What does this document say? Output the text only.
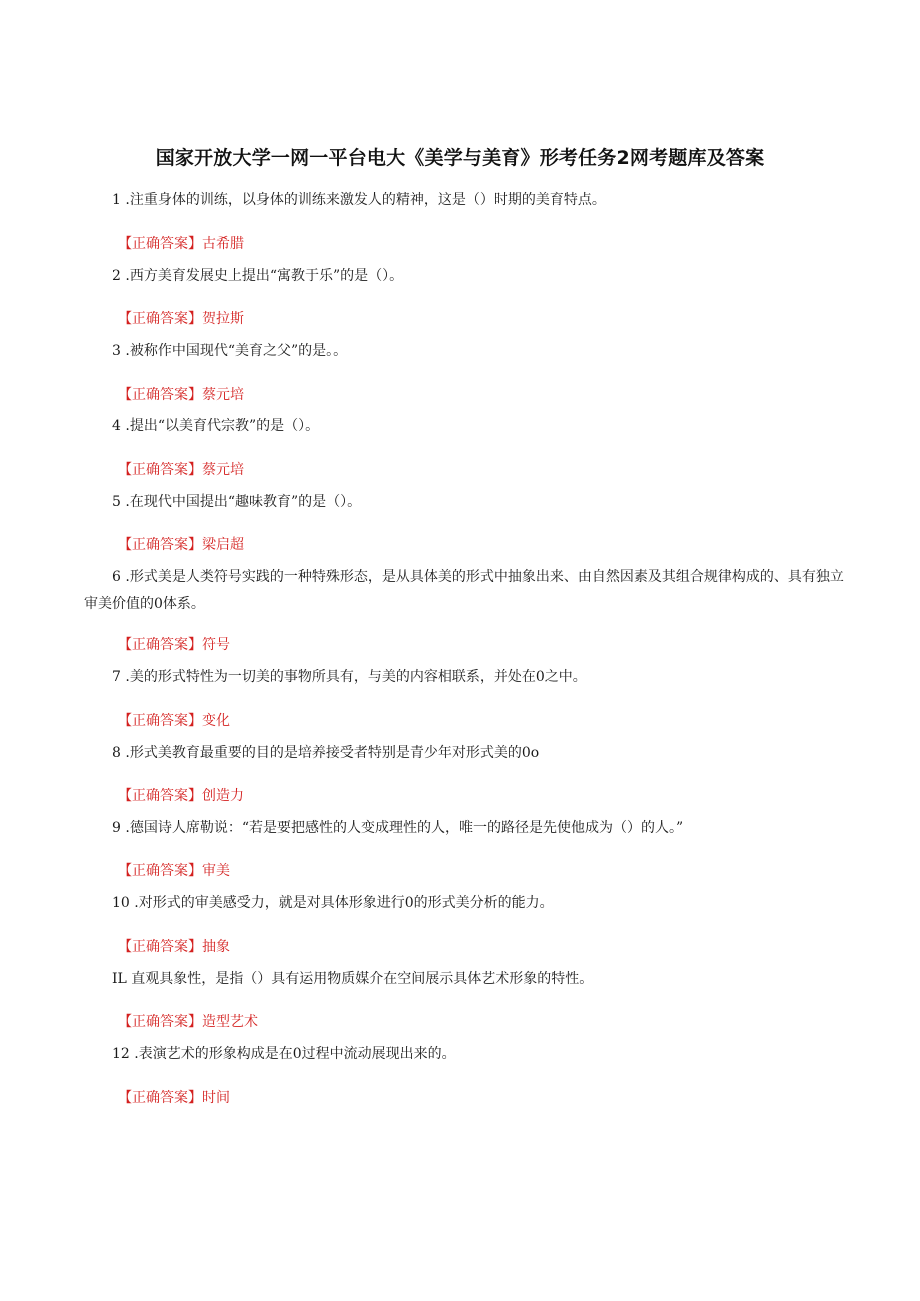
国家开放大学一网一平台电大《美学与美育》形考任务2网考题库及答案
1 .注重身体的训练，以身体的训练来激发人的精神，这是（）时期的美育特点。
【正确答案】古希腊
2 .西方美育发展史上提出“寓教于乐”的是（）。
【正确答案】贺拉斯
3 .被称作中国现代“美育之父”的是。。
【正确答案】蔡元培
4 .提出“以美育代宗教”的是（）。
【正确答案】蔡元培
5 .在现代中国提出“趣味教育”的是（）。
【正确答案】梁启超
6 .形式美是人类符号实践的一种特殊形态，是从具体美的形式中抽象出来、由自然因素及其组合规律构成的、具有独立审美价值的0体系。
【正确答案】符号
7 .美的形式特性为一切美的事物所具有，与美的内容相联系，并处在0之中。
【正确答案】变化
8 .形式美教育最重要的目的是培养接受者特别是青少年对形式美的0o
【正确答案】创造力
9 .德国诗人席勒说：“若是要把感性的人变成理性的人，唯一的路径是先使他成为（）的人。”
【正确答案】审美
10 .对形式的审美感受力，就是对具体形象进行0的形式美分析的能力。
【正确答案】抽象
IL 直观具象性，是指（）具有运用物质媒介在空间展示具体艺术形象的特性。
【正确答案】造型艺术
12 .表演艺术的形象构成是在0过程中流动展现出来的。
【正确答案】时间
